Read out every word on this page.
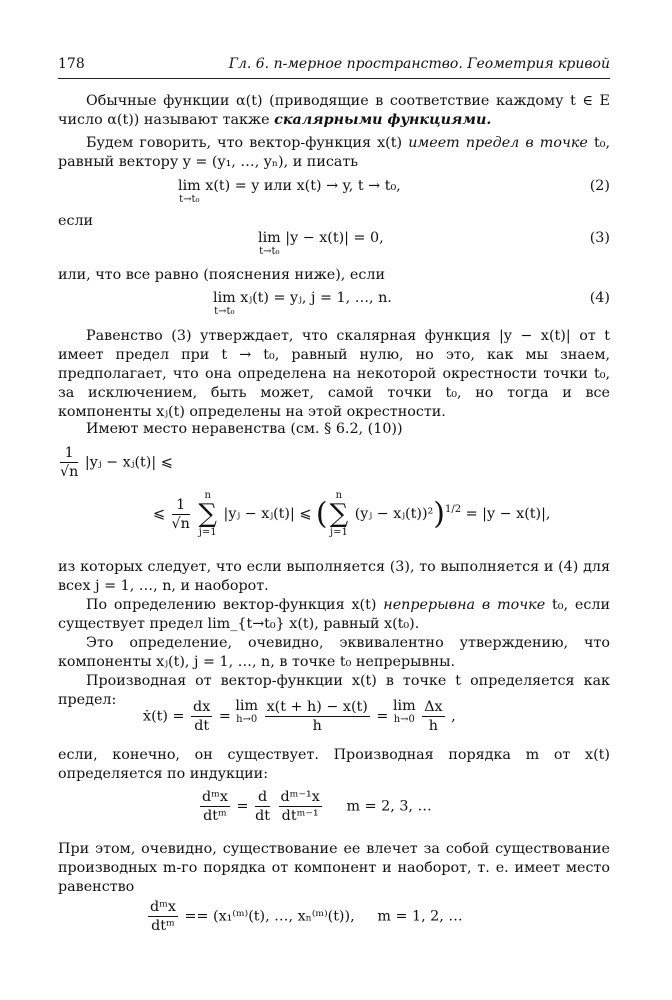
178	Гл. 6. n-мерное пространство. Геометрия кривой

Обычные функции α(t) (приводящие в соответствие каждому t ∈ E число α(t)) называют также скалярными функциями.

Будем говорить, что вектор-функция x(t) имеет предел в точке t₀, равный вектору y = (y₁, …, yₙ), и писать

lim
t→t₀
x(t) = y или x(t) → y, t → t₀,	(2)

если

lim
t→t₀
|y − x(t)| = 0,	(3)

или, что все равно (пояснения ниже), если

lim
t→t₀
xⱼ(t) = yⱼ, j = 1, …, n.	(4)

Равенство (3) утверждает, что скалярная функция |y − x(t)| от t имеет предел при t → t₀, равный нулю, но это, как мы знаем, предполагает, что она определена на некоторой окрестности точки t₀, за исключением, быть может, самой точки t₀, но тогда и все компоненты xⱼ(t) определены на этой окрестности.

Имеют место неравенства (см. § 6.2, (10))

$\frac{1}{√n}$ |yⱼ − xⱼ(t)| ⩽
⩽ $\frac{1}{√n}$
	n
∑
j=1
|yⱼ − xⱼ(t)| ⩽ (
n
∑
j=1
(yⱼ − xⱼ(t))²)$^{1/2}$ = |y − x(t)|,

из которых следует, что если выполняется (3), то выполняется и (4) для всех j = 1, …, n, и наоборот.

По определению вектор-функция x(t) непрерывна в точке t₀, если существует предел lim_{t→t₀} x(t), равный x(t₀).

Это определение, очевидно, эквивалентно утверждению, что компоненты xⱼ(t), j = 1, …, n, в точке t₀ непрерывны.

Производная от вектор-функции x(t) в точке t определяется как предел:

ẋ(t) = $\frac{dx}{dt} = \lim$
h→0
$\frac{x(t + h) - x(t)}{h} = \lim$
h→0
$\frac{\Delta x}{h}$ ,

если, конечно, он существует. Производная порядка m от x(t) определяется по индукции:

$\frac{\text{dᵐx}}{\text{dtᵐ}} = \frac{d}{dt}$
$\frac{\text{dᵐ⁻¹x}}{\text{dtᵐ⁻¹}}$ m = 2, 3, …

При этом, очевидно, существование ее влечет за собой существование производных m-го порядка от компонент и наоборот, т. е. имеет место равенство

$\frac{\text{dᵐx}}{\text{dtᵐ}}$ == (x₁⁽ᵐ⁾(t), …, xₙ⁽ᵐ⁾(t)), m = 1, 2, …
